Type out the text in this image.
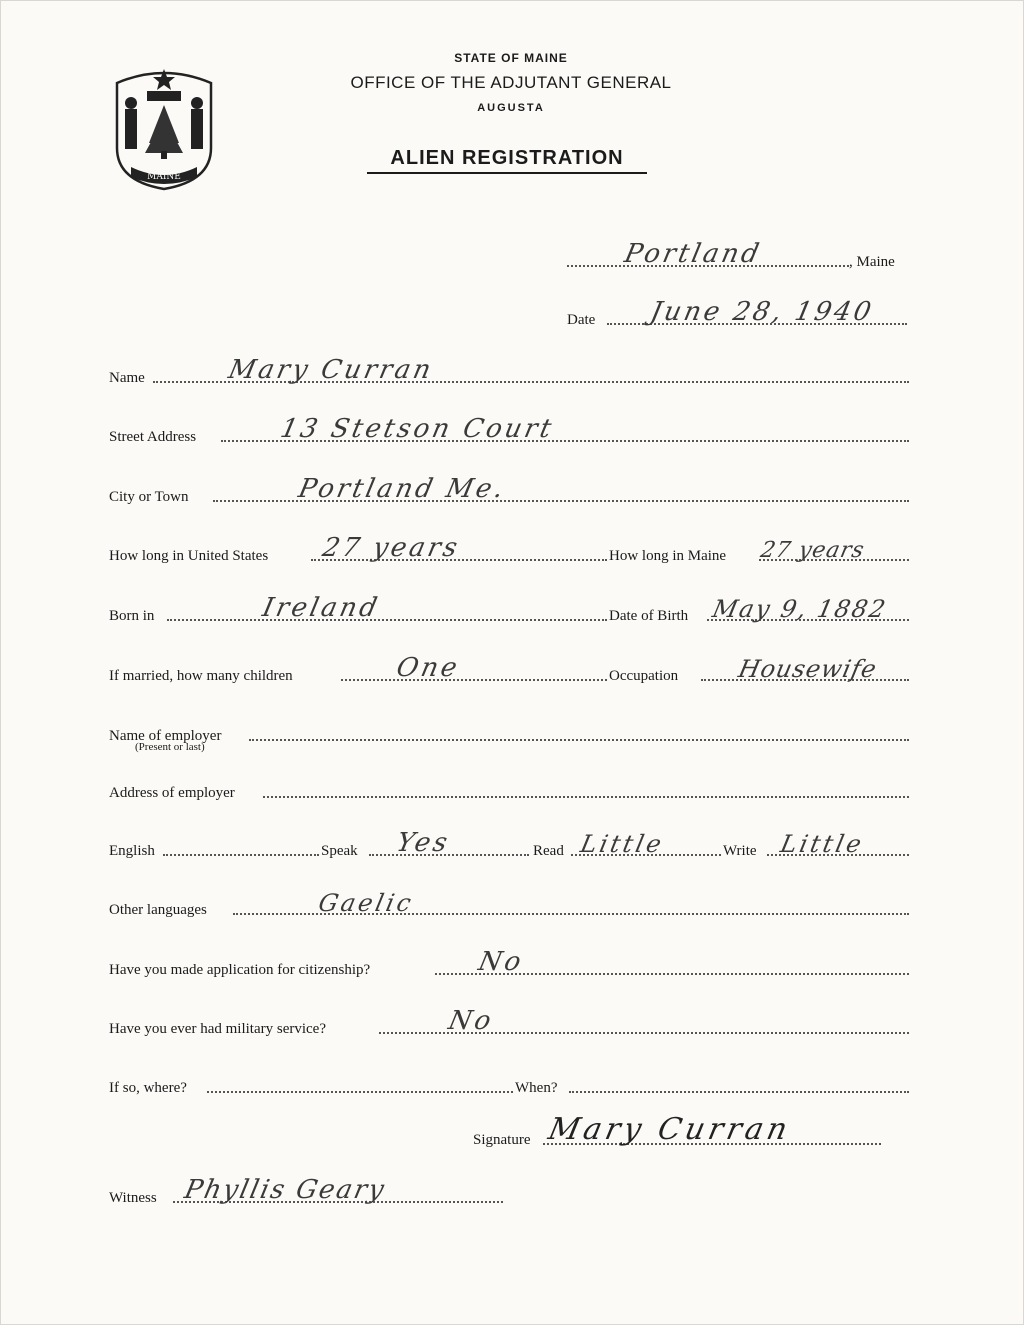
MAINE
STATE OF MAINE
OFFICE OF THE ADJUTANT GENERAL
AUGUSTA
ALIEN REGISTRATION
Portland	, Maine
Date June 28, 1940
Name	Mary Curran
Street Address	13 Stetson Court
City or Town	Portland Me.
How long in United States 27 years	How long in Maine 27 years
Born in	Ireland	Date of Birth May 9, 1882
If married, how many children	One	Occupation Housewife
Name of employer
(Present or last)
Address of employer
English	Speak Yes	Read Little	Write Little
Other languages	Gaelic
Have you made application for citizenship?	No
Have you ever had military service?	No
If so, where?	When?
Signature Mary Curran
Witness Phyllis Geary
